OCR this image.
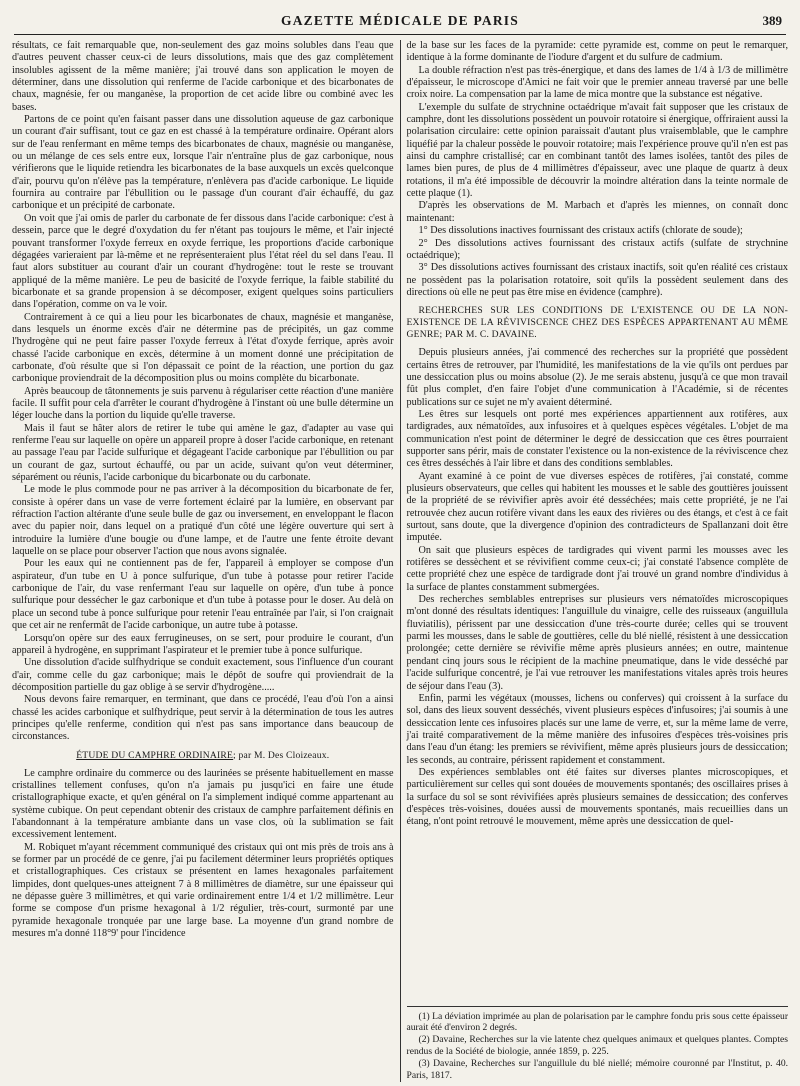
GAZETTE MÉDICALE DE PARIS	389

résultats, ce fait remarquable que, non-seulement des gaz moins solubles dans l'eau que d'autres peuvent chasser ceux-ci de leurs dissolutions, mais que des gaz complètement insolubles agissent de la même manière; j'ai trouvé dans son application le moyen de déterminer, dans une dissolution qui renferme de l'acide carbonique et des bicarbonates de chaux, magnésie, fer ou manganèse, la proportion de cet acide libre ou combiné avec les bases.

Partons de ce point qu'en faisant passer dans une dissolution aqueuse de gaz carbonique un courant d'air suffisant, tout ce gaz en est chassé à la température ordinaire. Opérant alors sur de l'eau renfermant en même temps des bicarbonates de chaux, magnésie ou manganèse, ou un mélange de ces sels entre eux, lorsque l'air n'entraîne plus de gaz carbonique, nous vérifierons que le liquide retiendra les bicarbonates de la base auxquels un excès quelconque d'air, pourvu qu'on n'élève pas la température, n'enlèvera pas d'acide carbonique. Le liquide fournira au contraire par l'ébullition ou le passage d'un courant d'air échauffé, du gaz carbonique et un précipité de carbonate.

On voit que j'ai omis de parler du carbonate de fer dissous dans l'acide carbonique: c'est à dessein, parce que le degré d'oxydation du fer n'étant pas toujours le même, et l'air injecté pouvant transformer l'oxyde ferreux en oxyde ferrique, les proportions d'acide carbonique dégagées varieraient par là-même et ne représenteraient plus l'état réel du sel dans l'eau. Il faut alors substituer au courant d'air un courant d'hydrogène: tout le reste se trouvant appliqué de la même manière. Le peu de basicité de l'oxyde ferrique, la faible stabilité du bicarbonate et sa grande propension à se décomposer, exigent quelques soins particuliers dans l'opération, comme on va le voir.

Contrairement à ce qui a lieu pour les bicarbonates de chaux, magnésie et manganèse, dans lesquels un énorme excès d'air ne détermine pas de précipités, un gaz comme l'hydrogène qui ne peut faire passer l'oxyde ferreux à l'état d'oxyde ferrique, après avoir chassé l'acide carbonique en excès, détermine à un moment donné une précipitation de carbonate, d'où résulte que si l'on dépassait ce point de la réaction, une portion du gaz carbonique proviendrait de la décomposition plus ou moins complète du bicarbonate.

Après beaucoup de tâtonnements je suis parvenu à régulariser cette réaction d'une manière facile. Il suffit pour cela d'arrêter le courant d'hydrogène à l'instant où une bulle détermine un léger louche dans la portion du liquide qu'elle traverse.

Mais il faut se hâter alors de retirer le tube qui amène le gaz, d'adapter au vase qui renferme l'eau sur laquelle on opère un appareil propre à doser l'acide carbonique, en retenant au passage l'eau par l'acide sulfurique et dégageant l'acide carbonique par l'ébullition ou par un courant de gaz, surtout échauffé, ou par un acide, suivant qu'on veut déterminer, séparément ou réunis, l'acide carbonique du bicarbonate ou du carbonate.

Le mode le plus commode pour ne pas arriver à la décomposition du bicarbonate de fer, consiste à opérer dans un vase de verre fortement éclairé par la lumière, en observant par réfraction l'action altérante d'une seule bulle de gaz ou inversement, en enveloppant le flacon avec du papier noir, dans lequel on a pratiqué d'un côté une légère ouverture qui sert à introduire la lumière d'une bougie ou d'une lampe, et de l'autre une fente étroite devant laquelle on se place pour observer l'action que nous avons signalée.

Pour les eaux qui ne contiennent pas de fer, l'appareil à employer se compose d'un aspirateur, d'un tube en U à ponce sulfurique, d'un tube à potasse pour retirer l'acide carbonique de l'air, du vase renfermant l'eau sur laquelle on opère, d'un tube à ponce sulfurique pour dessécher le gaz carbonique et d'un tube à potasse pour le doser. Au delà on place un second tube à ponce sulfurique pour retenir l'eau entraînée par l'air, si l'on craignait que cet air ne renfermât de l'acide carbonique, un autre tube à potasse.

Lorsqu'on opère sur des eaux ferrugineuses, on se sert, pour produire le courant, d'un appareil à hydrogène, en supprimant l'aspirateur et le premier tube à ponce sulfurique.

Une dissolution d'acide sulfhydrique se conduit exactement, sous l'influence d'un courant d'air, comme celle du gaz carbonique; mais le dépôt de soufre qui proviendrait de la décomposition partielle du gaz oblige à se servir d'hydrogène.....

Nous devons faire remarquer, en terminant, que dans ce procédé, l'eau d'où l'on a ainsi chassé les acides carbonique et sulfhydrique, peut servir à la détermination de tous les autres principes qu'elle renferme, condition qui n'est pas sans importance dans beaucoup de circonstances.

ÉTUDE DU CAMPHRE ORDINAIRE; par M. Des Cloizeaux.

Le camphre ordinaire du commerce ou des laurinées se présente habituellement en masse cristallines tellement confuses, qu'on n'a jamais pu jusqu'ici en faire une étude cristallographique exacte, et qu'en général on l'a simplement indiqué comme appartenant au système cubique. On peut cependant obtenir des cristaux de camphre parfaitement définis en l'abandonnant à la température ambiante dans un vase clos, où la sublimation se fait excessivement lentement.

M. Robiquet m'ayant récemment communiqué des cristaux qui ont mis près de trois ans à se former par un procédé de ce genre, j'ai pu facilement déterminer leurs propriétés optiques et cristallographiques. Ces cristaux se présentent en lames hexagonales parfaitement limpides, dont quelques-unes atteignent 7 à 8 millimètres de diamètre, sur une épaisseur qui ne dépasse guère 3 millimètres, et qui varie ordinairement entre 1/4 et 1/2 millimètre. Leur forme se compose d'un prisme hexagonal à 1/2 régulier, très-court, surmonté par une pyramide hexagonale tronquée par une large base. La moyenne d'un grand nombre de mesures m'a donné 118°9' pour l'incidence

de la base sur les faces de la pyramide: cette pyramide est, comme on peut le remarquer, identique à la forme dominante de l'iodure d'argent et du sulfure de cadmium.

La double réfraction n'est pas très-énergique, et dans des lames de 1/4 à 1/3 de millimètre d'épaisseur, le microscope d'Amici ne fait voir que le premier anneau traversé par une belle croix noire. La compensation par la lame de mica montre que la substance est négative.

L'exemple du sulfate de strychnine octaédrique m'avait fait supposer que les cristaux de camphre, dont les dissolutions possèdent un pouvoir rotatoire si énergique, offriraient aussi la polarisation circulaire: cette opinion paraissait d'autant plus vraisemblable, que le camphre liquéfié par la chaleur possède le pouvoir rotatoire; mais l'expérience prouve qu'il n'en est pas ainsi du camphre cristallisé; car en combinant tantôt des lames isolées, tantôt des piles de lames bien pures, de plus de 4 millimètres d'épaisseur, avec une plaque de quartz à deux rotations, il m'a été impossible de découvrir la moindre altération dans la teinte normale de cette plaque (1).

D'après les observations de M. Marbach et d'après les miennes, on connaît donc maintenant:

1° Des dissolutions inactives fournissant des cristaux actifs (chlorate de soude);

2° Des dissolutions actives fournissant des cristaux actifs (sulfate de strychnine octaédrique);

3° Des dissolutions actives fournissant des cristaux inactifs, soit qu'en réalité ces cristaux ne possèdent pas la polarisation rotatoire, soit qu'ils la possèdent seulement dans des directions où elle ne peut pas être mise en évidence (camphre).

RECHERCHES SUR LES CONDITIONS DE L'EXISTENCE OU DE LA NON-EXISTENCE DE LA RÉVIVISCENCE CHEZ DES ESPÈCES APPARTENANT AU MÊME GENRE; PAR M. C. DAVAINE.

Depuis plusieurs années, j'ai commencé des recherches sur la propriété que possèdent certains êtres de retrouver, par l'humidité, les manifestations de la vie qu'ils ont perdues par une dessiccation plus ou moins absolue (2). Je me serais abstenu, jusqu'à ce que mon travail fût plus complet, d'en faire l'objet d'une communication à l'Académie, si de récentes publications sur ce sujet ne m'y avaient déterminé.

Les êtres sur lesquels ont porté mes expériences appartiennent aux rotifères, aux tardigrades, aux nématoïdes, aux infusoires et à quelques espèces végétales. L'objet de ma communication n'est point de déterminer le degré de dessiccation que ces êtres pourraient supporter sans périr, mais de constater l'existence ou la non-existence de la réviviscence chez ces êtres desséchés à l'air libre et dans des conditions semblables.

Ayant examiné à ce point de vue diverses espèces de rotifères, j'ai constaté, comme plusieurs observateurs, que celles qui habitent les mousses et le sable des gouttières jouissent de la propriété de se révivifier après avoir été desséchées; mais cette propriété, je ne l'ai retrouvée chez aucun rotifère vivant dans les eaux des rivières ou des étangs, et c'est à ce fait surtout, sans doute, que la divergence d'opinion des contradicteurs de Spallanzani doit être imputée.

On sait que plusieurs espèces de tardigrades qui vivent parmi les mousses avec les rotifères se dessèchent et se révivifient comme ceux-ci; j'ai constaté l'absence complète de cette propriété chez une espèce de tardigrade dont j'ai trouvé un grand nombre d'individus à la surface de plantes constamment submergées.

Des recherches semblables entreprises sur plusieurs vers nématoïdes microscopiques m'ont donné des résultats identiques: l'anguillule du vinaigre, celle des ruisseaux (anguillula fluviatilis), périssent par une dessiccation d'une très-courte durée; celles qui se trouvent parmi les mousses, dans le sable de gouttières, celle du blé niellé, résistent à une dessiccation prolongée; cette dernière se révivifie même après plusieurs années; en outre, maintenue pendant cinq jours sous le récipient de la machine pneumatique, dans le vide desséché par l'acide sulfurique concentré, je l'ai vue retrouver les manifestations vitales après trois heures de séjour dans l'eau (3).

Enfin, parmi les végétaux (mousses, lichens ou conferves) qui croissent à la surface du sol, dans des lieux souvent desséchés, vivent plusieurs espèces d'infusoires; j'ai soumis à une dessiccation lente ces infusoires placés sur une lame de verre, et, sur la même lame de verre, j'ai traité comparativement de la même manière des infusoires d'espèces très-voisines pris dans l'eau d'un étang: les premiers se révivifient, même après plusieurs jours de dessiccation; les seconds, au contraire, périssent rapidement et constamment.

Des expériences semblables ont été faites sur diverses plantes microscopiques, et particulièrement sur celles qui sont douées de mouvements spontanés; des oscillaires prises à la surface du sol se sont révivifiées après plusieurs semaines de dessiccation; des conferves d'espèces très-voisines, douées aussi de mouvements spontanés, mais recueillies dans un étang, n'ont point retrouvé le mouvement, même après une dessiccation de quel-

(1) La déviation imprimée au plan de polarisation par le camphre fondu pris sous cette épaisseur aurait été d'environ 2 degrés.

(2) Davaine, Recherches sur la vie latente chez quelques animaux et quelques plantes. Comptes rendus de la Société de biologie, année 1859, p. 225.

(3) Davaine, Recherches sur l'anguillule du blé niellé; mémoire couronné par l'Institut, p. 40. Paris, 1817.
